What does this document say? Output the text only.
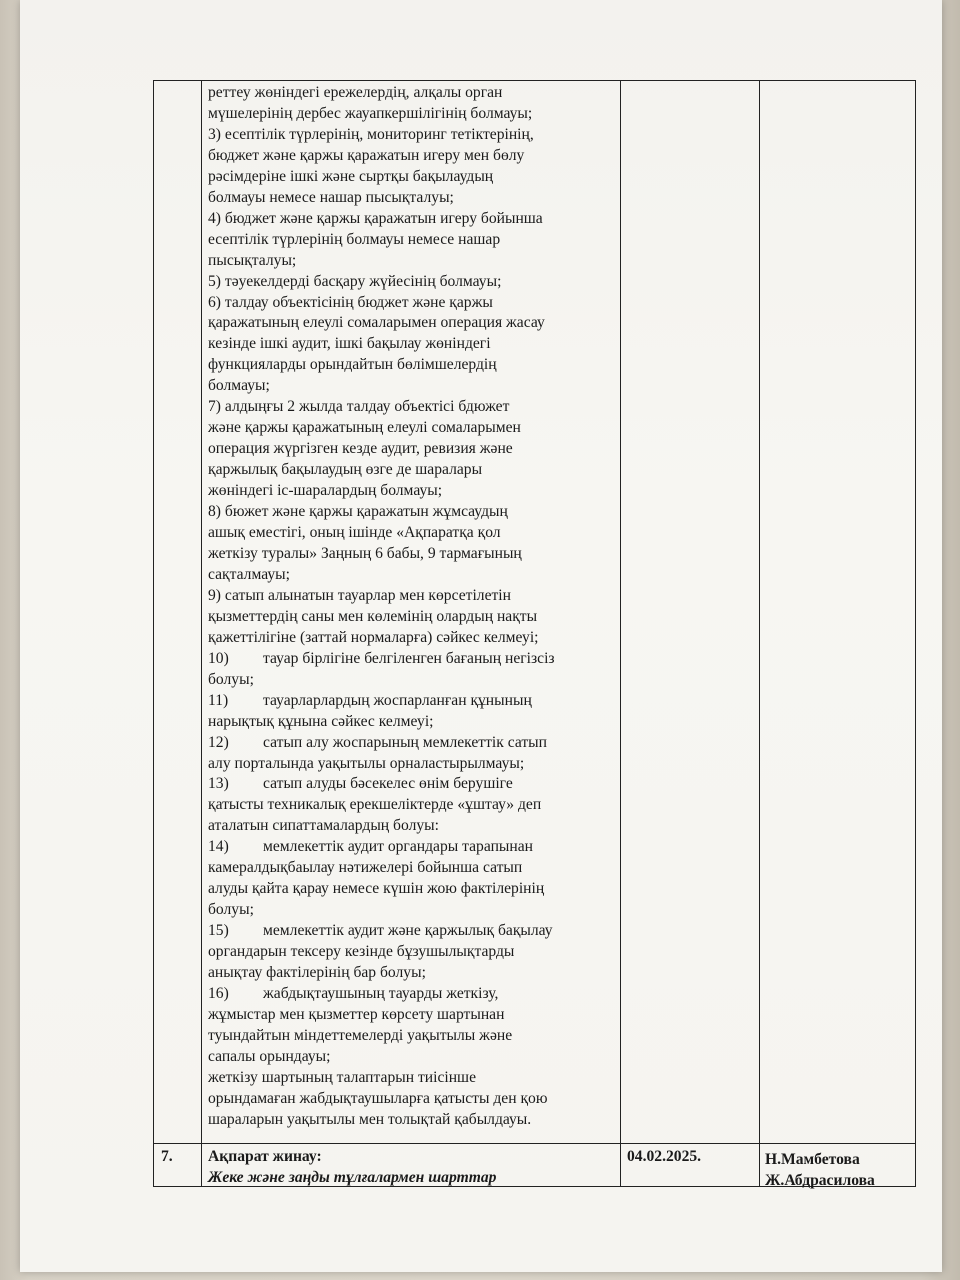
реттеу жөніндегі ережелердің, алқалы орган
мүшелерінің дербес жауапкершілігінің болмауы;
3) есептілік түрлерінің, мониторинг тетіктерінің,
бюджет және қаржы қаражатын игеру мен бөлу
рәсімдеріне ішкі және сыртқы бақылаудың
болмауы немесе нашар пысықталуы;
4) бюджет және қаржы қаражатын игеру бойынша
есептілік түрлерінің болмауы немесе нашар
пысықталуы;
5) тәуекелдерді басқару жүйесінің болмауы;
6) талдау объектісінің бюджет және қаржы
қаражатының елеулі сомаларымен операция жасау
кезінде ішкі аудит, ішкі бақылау жөніндегі
функцияларды орындайтын бөлімшелердің
болмауы;
7) алдыңғы 2 жылда талдау объектісі бдюжет
және қаржы қаражатының елеулі сомаларымен
операция жүргізген кезде аудит, ревизия және
қаржылық бақылаудың өзге де шаралары
жөніндегі іс-шаралардың болмауы;
8) бюжет және қаржы қаражатын жұмсаудың
ашық еместігі, оның ішінде «Ақпаратқа қол
жеткізу туралы» Заңның 6 бабы, 9 тармағының
сақталмауы;
9) сатып алынатын тауарлар мен көрсетілетін
қызметтердің саны мен көлемінің олардың нақты
қажеттілігіне (заттай нормаларға) сәйкес келмеуі;
10) тауар бірлігіне белгіленген бағаның негізсіз
болуы;
11) тауарларлардың жоспарланған құнының
нарықтық құнына сәйкес келмеуі;
12) сатып алу жоспарының мемлекеттік сатып
алу порталында уақытылы орналастырылмауы;
13) сатып алуды бәсекелес өнім берушіге
қатысты техникалық ерекшеліктерде «ұштау» деп
аталатын сипаттамалардың болуы:
14) мемлекеттік аудит органдары тарапынан
камералдықбаылау нәтижелері бойынша сатып
алуды қайта қарау немесе күшін жою фактілерінің
болуы;
15) мемлекеттік аудит және қаржылық бақылау
органдарын тексеру кезінде бұзушылықтарды
анықтау фактілерінің бар болуы;
16) жабдықтаушының тауарды жеткізу,
жұмыстар мен қызметтер көрсету шартынан
туындайтын міндеттемелерді уақытылы және
сапалы орындауы;
жеткізу шартының талаптарын тиісінше
орындамаған жабдықтаушыларға қатысты ден қою
шараларын уақытылы мен толықтай қабылдауы.
7. Ақпарат жинау:
Жеке және заңды тұлғалармен шарттар
04.02.2025.	Н.Мамбетова
Ж.Абдрасилова
